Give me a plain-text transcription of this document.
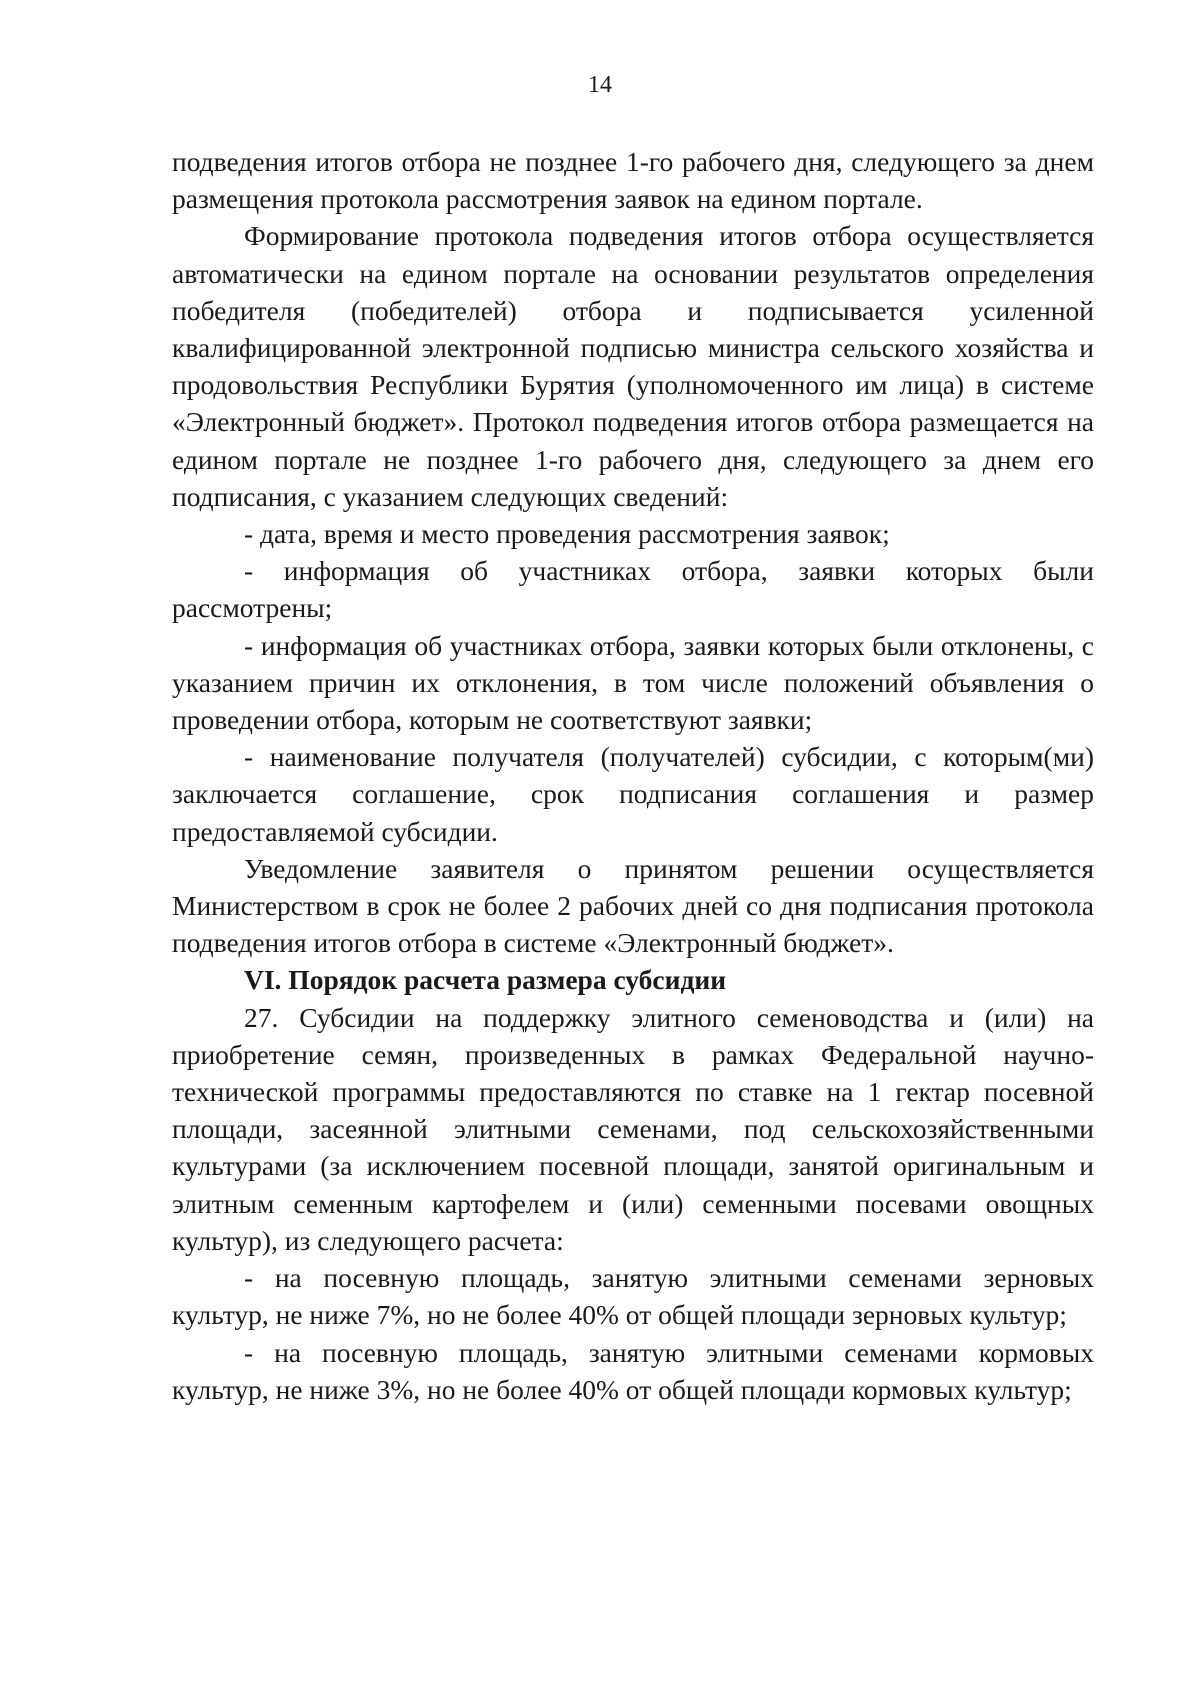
14

подведения итогов отбора не позднее 1-го рабочего дня, следующего за днем размещения протокола рассмотрения заявок на едином портале.

Формирование протокола подведения итогов отбора осуществляется автоматически на едином портале на основании результатов определения победителя (победителей) отбора и подписывается усиленной квалифицированной электронной подписью министра сельского хозяйства и продовольствия Республики Бурятия (уполномоченного им лица) в системе «Электронный бюджет». Протокол подведения итогов отбора размещается на едином портале не позднее 1-го рабочего дня, следующего за днем его подписания, с указанием следующих сведений:

- дата, время и место проведения рассмотрения заявок;

- информация об участниках отбора, заявки которых были рассмотрены;

- информация об участниках отбора, заявки которых были отклонены, с указанием причин их отклонения, в том числе положений объявления о проведении отбора, которым не соответствуют заявки;

- наименование получателя (получателей) субсидии, с которым(ми) заключается соглашение, срок подписания соглашения и размер предоставляемой субсидии.

Уведомление заявителя о принятом решении осуществляется Министерством в срок не более 2 рабочих дней со дня подписания протокола подведения итогов отбора в системе «Электронный бюджет».

VI. Порядок расчета размера субсидии

27. Субсидии на поддержку элитного семеноводства и (или) на приобретение семян, произведенных в рамках Федеральной научно-технической программы предоставляются по ставке на 1 гектар посевной площади, засеянной элитными семенами, под сельскохозяйственными культурами (за исключением посевной площади, занятой оригинальным и элитным семенным картофелем и (или) семенными посевами овощных культур), из следующего расчета:

- на посевную площадь, занятую элитными семенами зерновых культур, не ниже 7%, но не более 40% от общей площади зерновых культур;

- на посевную площадь, занятую элитными семенами кормовых культур, не ниже 3%, но не более 40% от общей площади кормовых культур;
